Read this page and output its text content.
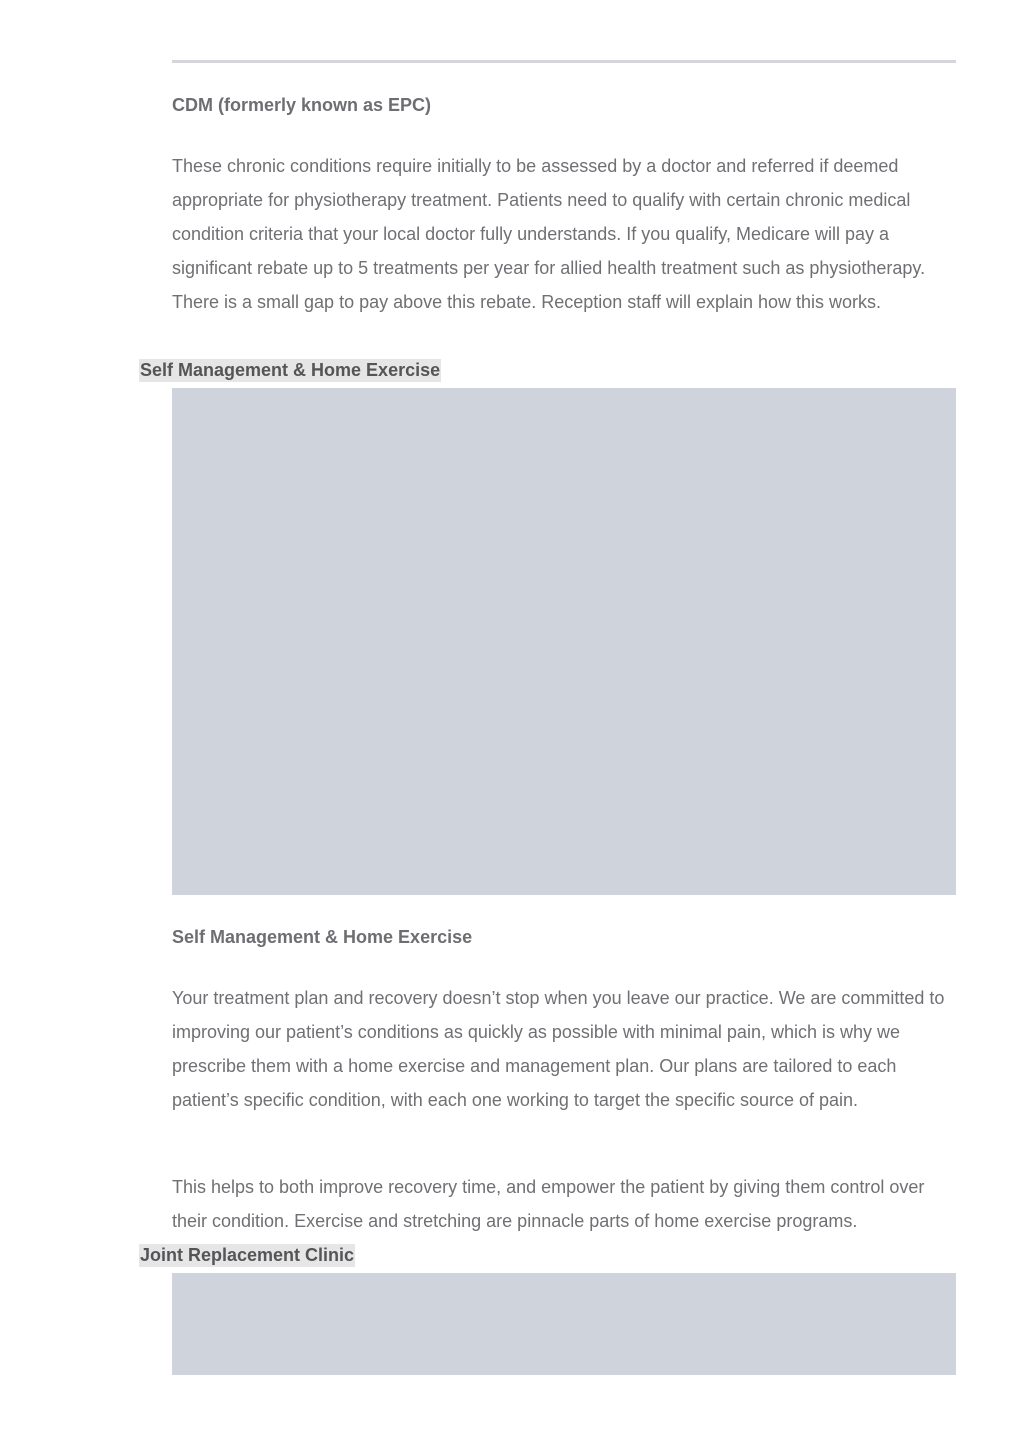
CDM (formerly known as EPC)

These chronic conditions require initially to be assessed by a doctor and referred if deemed appropriate for physiotherapy treatment. Patients need to qualify with certain chronic medical condition criteria that your local doctor fully understands. If you qualify, Medicare will pay a significant rebate up to 5 treatments per year for allied health treatment such as physiotherapy. There is a small gap to pay above this rebate. Reception staff will explain how this works.

Self Management & Home Exercise
Self Management & Home Exercise

Your treatment plan and recovery doesn’t stop when you leave our practice. We are committed to improving our patient’s conditions as quickly as possible with minimal pain, which is why we prescribe them with a home exercise and management plan. Our plans are tailored to each patient’s specific condition, with each one working to target the specific source of pain.

This helps to both improve recovery time, and empower the patient by giving them control over their condition. Exercise and stretching are pinnacle parts of home exercise programs.

Joint Replacement Clinic
